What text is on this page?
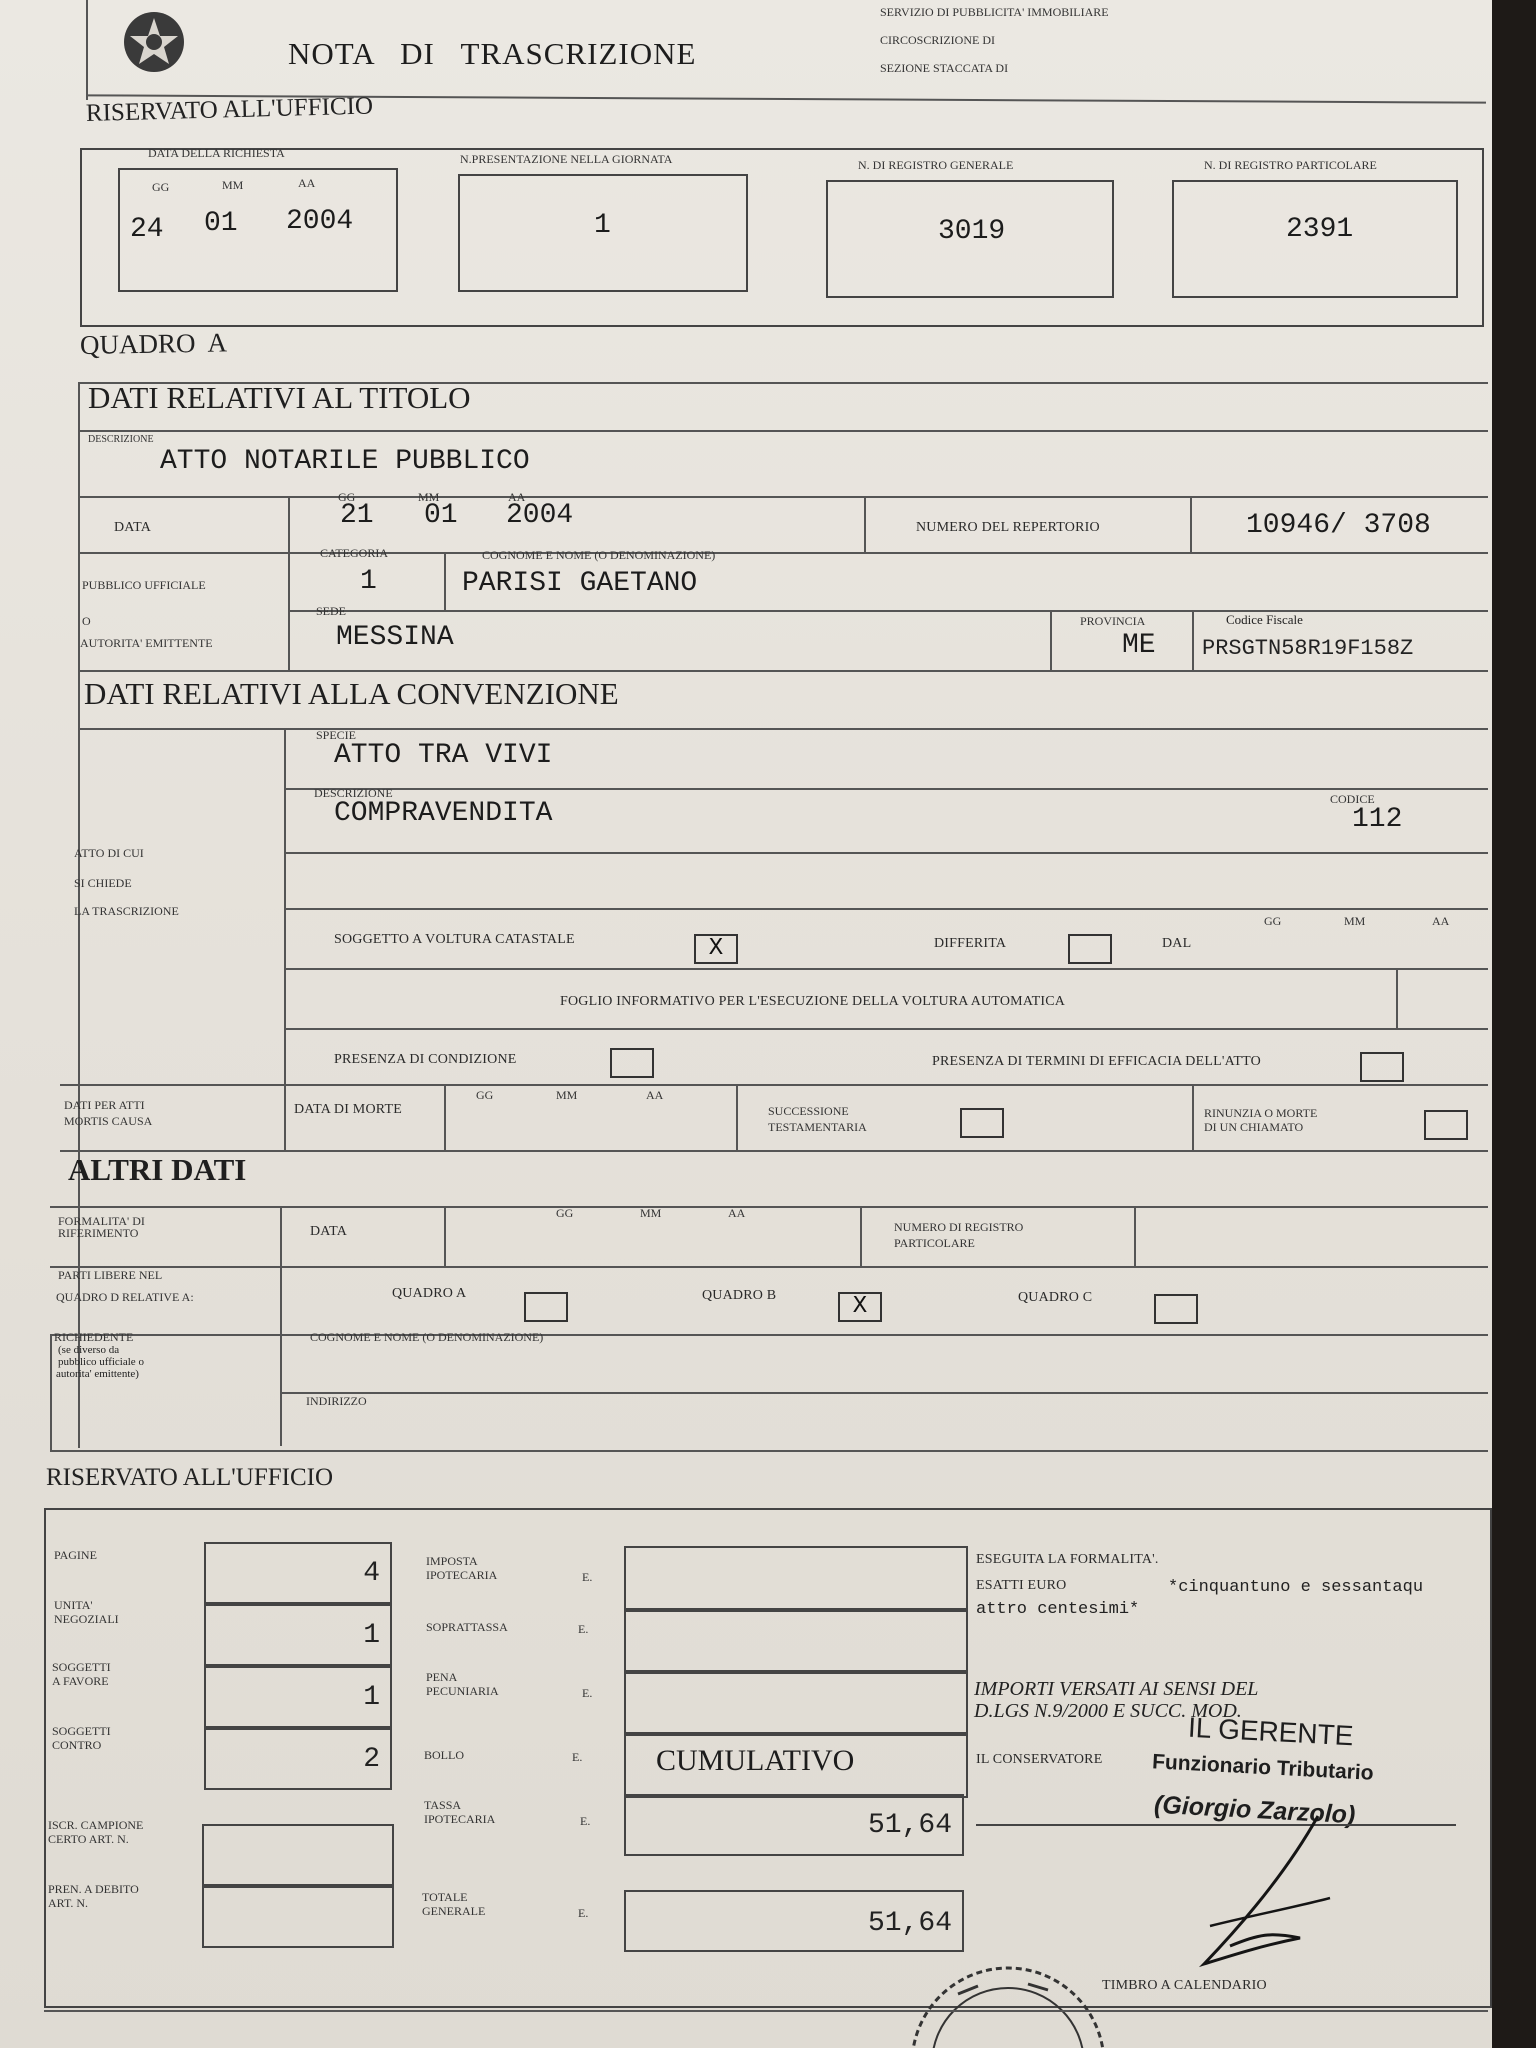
NOTA   DI   TRASCRIZIONE
SERVIZIO DI PUBBLICITA' IMMOBILIARE
CIRCOSCRIZIONE DI
SEZIONE STACCATA DI
RISERVATO ALL'UFFICIO
DATA DELLA RICHIESTA
GG	MM	AA
24 01 2004
N.PRESENTAZIONE NELLA GIORNATA
1
N. DI REGISTRO GENERALE
3019
N. DI REGISTRO PARTICOLARE
2391
QUADRO  A
DATI RELATIVI AL TITOLO
DESCRIZIONE
ATTO NOTARILE PUBBLICO
DATA
GG	MM	AA
21 01 2004	NUMERO DEL REPERTORIO	10946/ 3708
PUBBLICO UFFICIALE
O
AUTORITA' EMITTENTE
CATEGORIA
1
COGNOME E NOME (O DENOMINAZIONE)
PARISI GAETANO
SEDE
MESSINA
PROVINCIA
ME
Codice Fiscale
PRSGTN58R19F158Z
DATI RELATIVI ALLA CONVENZIONE
ATTO DI CUI
SI CHIEDE
LA TRASCRIZIONE
SPECIE
ATTO TRA VIVI
DESCRIZIONE
COMPRAVENDITA	CODICE
112
GG	MM	AA
SOGGETTO A VOLTURA CATASTALE	X	DIFFERITA	DAL
FOGLIO INFORMATIVO PER L'ESECUZIONE DELLA VOLTURA AUTOMATICA
PRESENZA DI CONDIZIONE	PRESENZA DI TERMINI DI EFFICACIA DELL'ATTO
DATI PER ATTI
MORTIS CAUSA
DATA DI MORTE
GG	MM	AA
SUCCESSIONE
TESTAMENTARIA
RINUNZIA O MORTE
DI UN CHIAMATO
ALTRI DATI
FORMALITA' DI
RIFERIMENTO	DATA
GG	MM	AA
NUMERO DI REGISTRO
PARTICOLARE
PARTI LIBERE NEL
QUADRO D RELATIVE A:	QUADRO A	QUADRO B	X	QUADRO C
RICHIEDENTE
(se diverso da
pubblico ufficiale o
autorita' emittente)
COGNOME E NOME (O DENOMINAZIONE)
INDIRIZZO
RISERVATO ALL'UFFICIO
PAGINE
4
UNITA'
NEGOZIALI
1
SOGGETTI
A FAVORE
1
SOGGETTI
CONTRO	2
ISCR. CAMPIONE
CERTO ART. N.
PREN. A DEBITO
ART. N.
IMPOSTA
IPOTECARIA	E.
SOPRATTASSA	E.
PENA
PECUNIARIA	E.
BOLLO	E. CUMULATIVO
TASSA
IPOTECARIA	E.	51,64
TOTALE
GENERALE	E.	51,64
ESEGUITA LA FORMALITA'.
ESATTI EURO	*cinquantuno e sessantaqu
attro centesimi*
IMPORTI VERSATI AI SENSI DEL
D.LGS N.9/2000 E SUCC. MOD.
IL CONSERVATORE
IL GERENTE
Funzionario Tributario
(Giorgio Zarzolo)
TIMBRO A CALENDARIO
